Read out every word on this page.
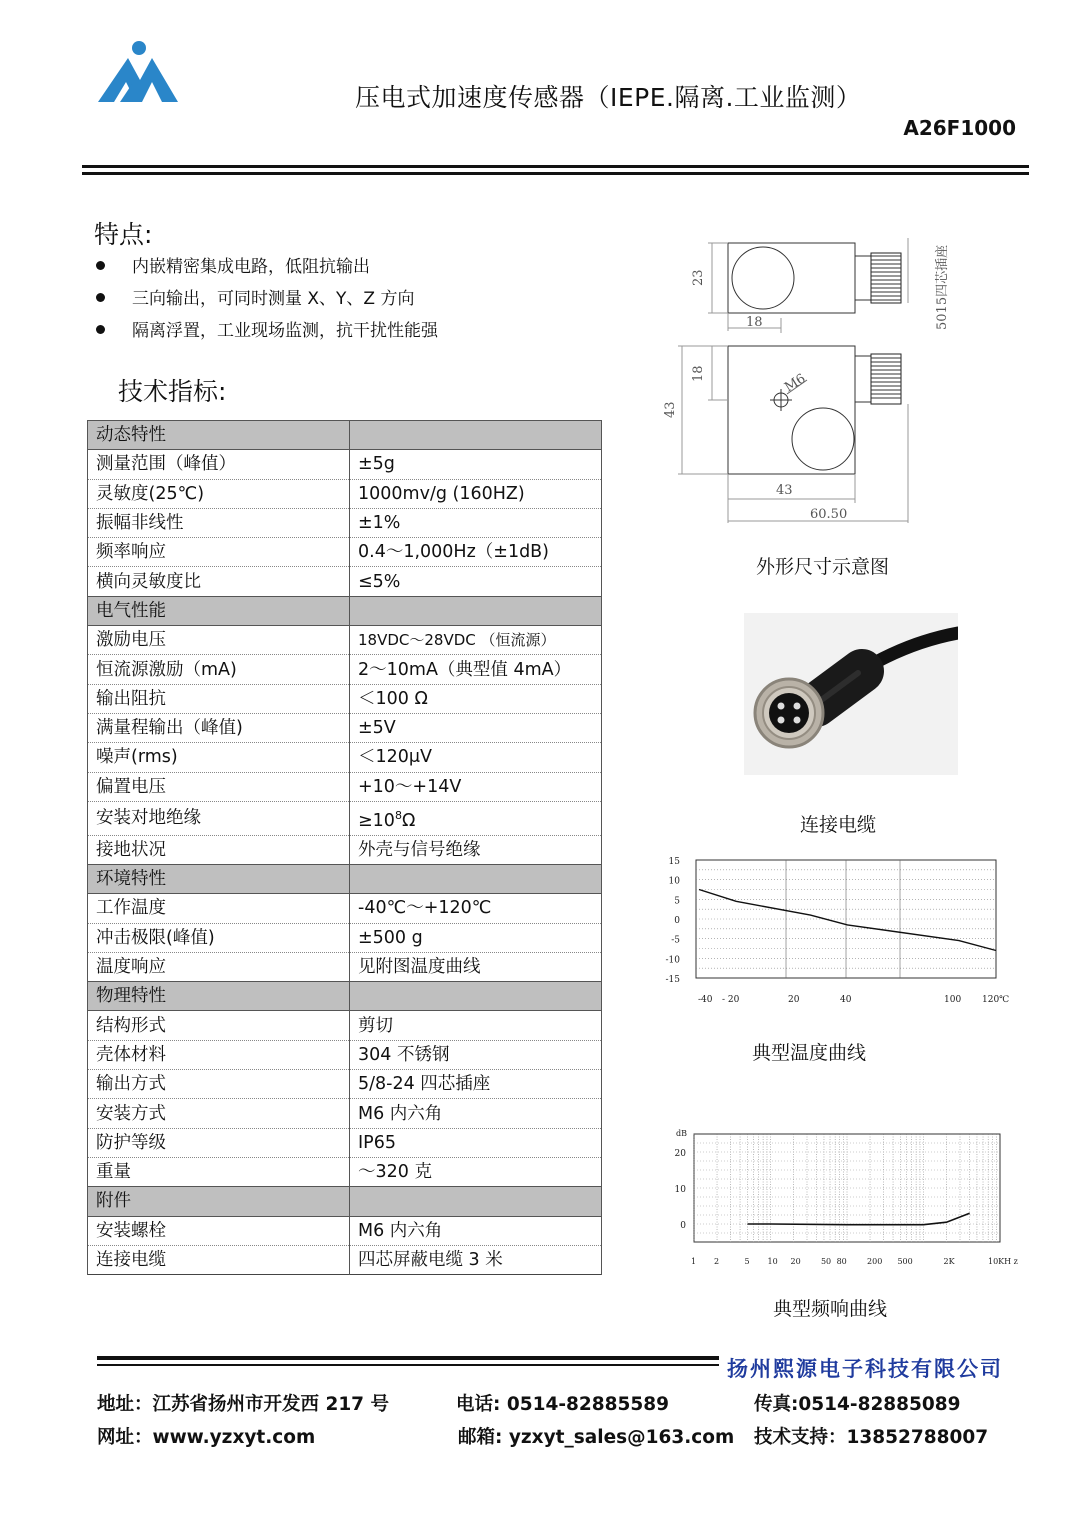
压电式加速度传感器（IEPE.隔离.工业监测）
A26F1000
特点:
内嵌精密集成电路，低阻抗输出
三向输出，可同时测量 X、Y、Z 方向
隔离浮置，工业现场监测，抗干扰性能强
技术指标:
动态特性	
测量范围（峰值）	±5g
灵敏度(25℃)	1000mv/g (160HZ)
振幅非线性	±1%
频率响应	0.4～1,000Hz（±1dB)
横向灵敏度比	≤5%
电气性能	
激励电压	18VDC～28VDC （恒流源）
恒流源激励（mA)	2～10mA（典型值 4mA）
输出阻抗	＜100 Ω
满量程输出（峰值)	±5V
噪声(rms)	＜120μV
偏置电压	+10～+14V
安装对地绝缘	$\ge 10^8\Omega$
接地状况	外壳与信号绝缘
环境特性	
工作温度	-40℃～+120℃
冲击极限(峰值)	±500 g
温度响应	见附图温度曲线
物理特性	
结构形式	剪切
壳体材料	304 不锈钢
输出方式	5/8-24 四芯插座
安装方式	M6 内六角
防护等级	IP65
重量	～320 克
附件	
安装螺栓	M6 内六角
连接电缆	四芯屏蔽电缆 3 米
23
18
18
43
43
60.50
M6
5015四芯插座
外形尺寸示意图
连接电缆
15
10
5
0
-5
-10
-15
-40 - 20	20	40	100 120℃
典型温度曲线
dB
20
10
0
1 2	5 10 20	50 80	200 500	2K	10KH z
典型频响曲线
扬州熙源电子科技有限公司
地址：江苏省扬州市开发西 217 号	电话: 0514-82885589	传真:0514-82885089
网址：www.yzxyt.com	邮箱: yzxyt_sales@163.com 技术支持：13852788007
